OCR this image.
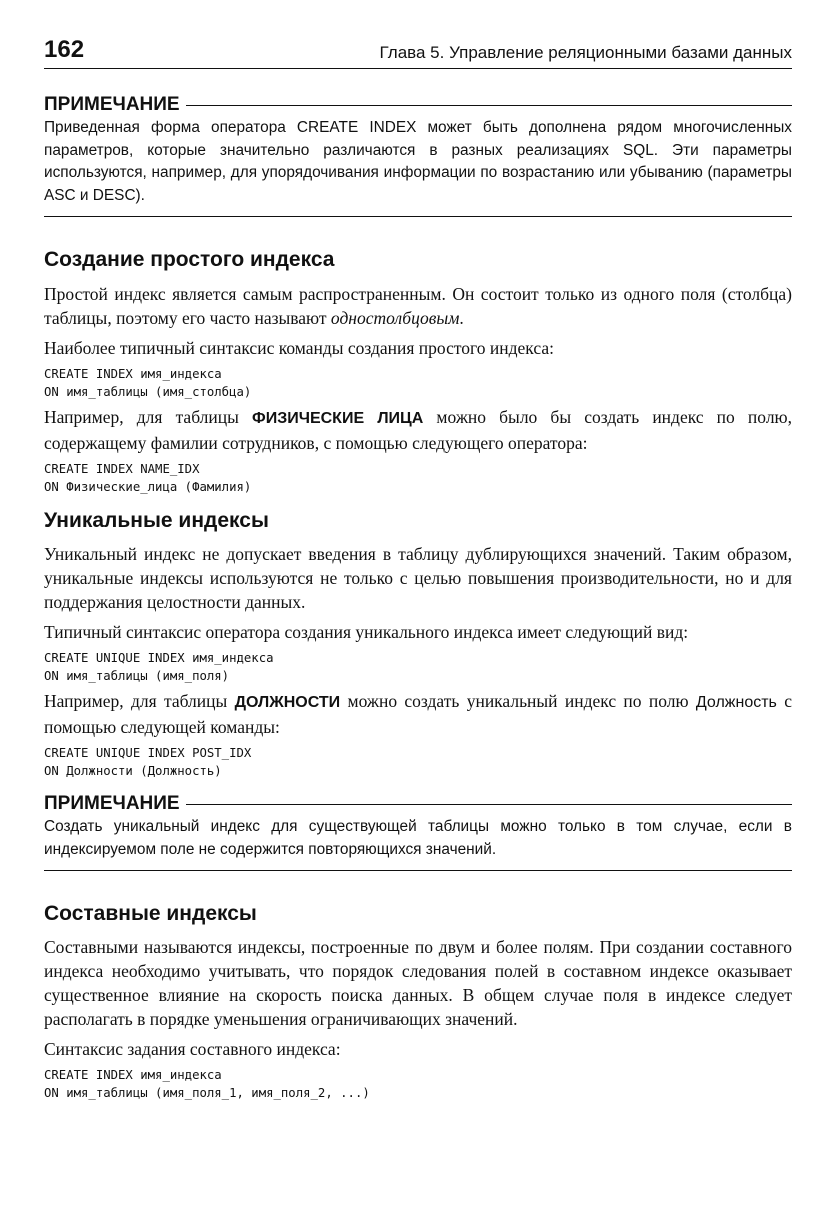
162	Глава 5. Управление реляционными базами данных
ПРИМЕЧАНИЕ

Приведенная форма оператора CREATE INDEX может быть дополнена рядом многочисленных параметров, которые значительно различаются в разных реализациях SQL. Эти параметры используются, например, для упорядочивания информации по возрастанию или убыванию (параметры ASC и DESC).

Создание простого индекса

Простой индекс является самым распространенным. Он состоит только из одного поля (столбца) таблицы, поэтому его часто называют одностолбцовым.

Наиболее типичный синтаксис команды создания простого индекса:

CREATE INDEX имя_индекса
ON имя_таблицы (имя_столбца)

Например, для таблицы ФИЗИЧЕСКИЕ ЛИЦА можно было бы создать индекс по полю, содержащему фамилии сотрудников, с помощью следующего оператора:

CREATE INDEX NAME_IDX
ON Физические_лица (Фамилия)
Уникальные индексы

Уникальный индекс не допускает введения в таблицу дублирующихся значений. Таким образом, уникальные индексы используются не только с целью повышения производительности, но и для поддержания целостности данных.

Типичный синтаксис оператора создания уникального индекса имеет следующий вид:

CREATE UNIQUE INDEX имя_индекса
ON имя_таблицы (имя_поля)

Например, для таблицы ДОЛЖНОСТИ можно создать уникальный индекс по полю Должность с помощью следующей команды:

CREATE UNIQUE INDEX POST_IDX
ON Должности (Должность)
ПРИМЕЧАНИЕ

Создать уникальный индекс для существующей таблицы можно только в том случае, если в индексируемом поле не содержится повторяющихся значений.

Составные индексы

Составными называются индексы, построенные по двум и более полям. При создании составного индекса необходимо учитывать, что порядок следования полей в составном индексе оказывает существенное влияние на скорость поиска данных. В общем случае поля в индексе следует располагать в порядке уменьшения ограничивающих значений.

Синтаксис задания составного индекса:

CREATE INDEX имя_индекса
ON имя_таблицы (имя_поля_1, имя_поля_2, ...)
